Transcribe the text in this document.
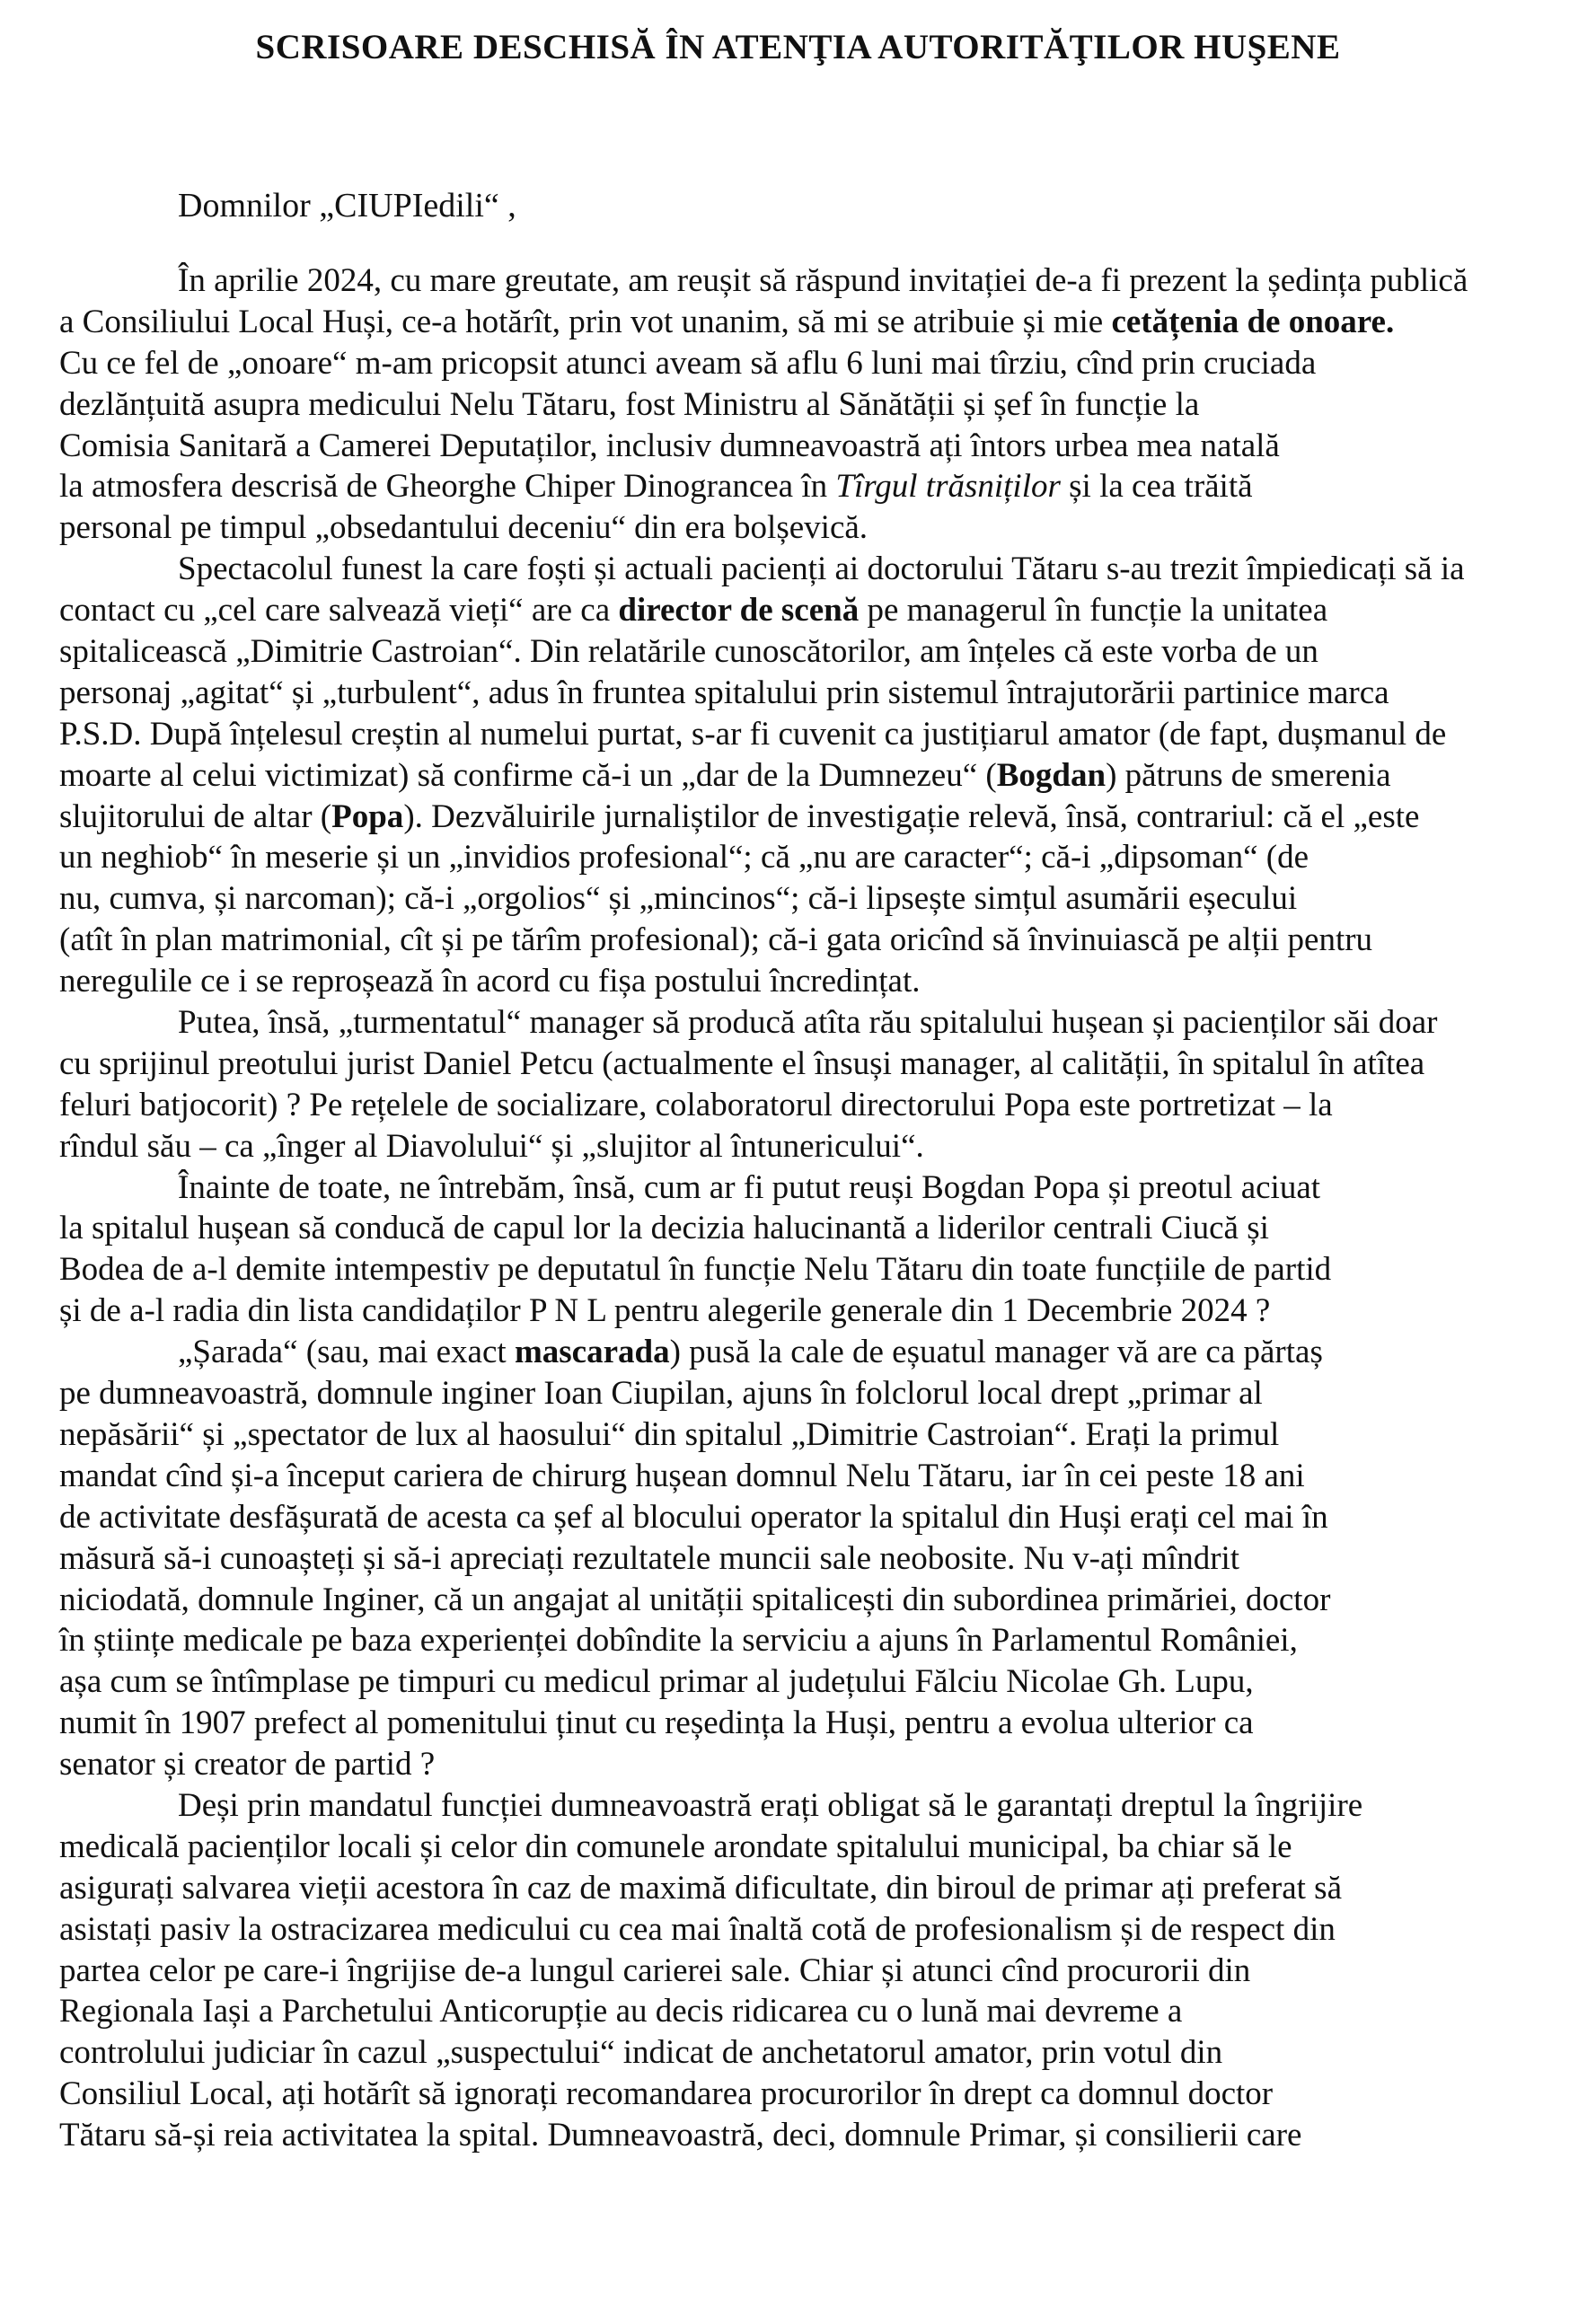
SCRISOARE DESCHISĂ ÎN ATENŢIA AUTORITĂŢILOR HUŞENE
Domnilor „CIUPIedili“ ,
În aprilie 2024, cu mare greutate, am reușit să răspund invitației de-a fi prezent la ședința publică
a Consiliului Local Huși, ce-a hotărît, prin vot unanim, să mi se atribuie și mie cetățenia de onoare.
Cu ce fel de „onoare“ m-am pricopsit atunci aveam să aflu 6 luni mai tîrziu, cînd prin cruciada
dezlănțuită asupra medicului Nelu Tătaru, fost Ministru al Sănătății și șef în funcție la
Comisia Sanitară a Camerei Deputaților, inclusiv dumneavoastră ați întors urbea mea natală
la atmosfera descrisă de Gheorghe Chiper Dinograncea în Tîrgul trăsniților și la cea trăită
personal pe timpul „obsedantului deceniu“ din era bolșevică.
Spectacolul funest la care foști și actuali pacienți ai doctorului Tătaru s-au trezit împiedicați să ia
contact cu „cel care salvează vieți“ are ca director de scenă pe managerul în funcție la unitatea
spitalicească „Dimitrie Castroian“. Din relatările cunoscătorilor, am înțeles că este vorba de un
personaj „agitat“ și „turbulent“, adus în fruntea spitalului prin sistemul întrajutorării partinice marca
P.S.D. După înțelesul creștin al numelui purtat, s-ar fi cuvenit ca justițiarul amator (de fapt, dușmanul de
moarte al celui victimizat) să confirme că-i un „dar de la Dumnezeu“ (Bogdan) pătruns de smerenia
slujitorului de altar (Popa). Dezvăluirile jurnaliștilor de investigație relevă, însă, contrariul: că el „este
un neghiob“ în meserie și un „invidios profesional“; că „nu are caracter“; că-i „dipsoman“ (de
nu, cumva, și narcoman); că-i „orgolios“ și „mincinos“; că-i lipsește simțul asumării eșecului
(atît în plan matrimonial, cît și pe tărîm profesional); că-i gata oricînd să învinuiască pe alții pentru
neregulile ce i se reproșează în acord cu fișa postului încredințat.
Putea, însă, „turmentatul“ manager să producă atîta rău spitalului hușean și pacienților săi doar
cu sprijinul preotului jurist Daniel Petcu (actualmente el însuși manager, al calității, în spitalul în atîtea
feluri batjocorit) ? Pe rețelele de socializare, colaboratorul directorului Popa este portretizat – la
rîndul său – ca „înger al Diavolului“ și „slujitor al întunericului“.
Înainte de toate, ne întrebăm, însă, cum ar fi putut reuși Bogdan Popa și preotul aciuat
la spitalul hușean să conducă de capul lor la decizia halucinantă a liderilor centrali Ciucă și
Bodea de a-l demite intempestiv pe deputatul în funcție Nelu Tătaru din toate funcțiile de partid
și de a-l radia din lista candidaților P N L pentru alegerile generale din 1 Decembrie 2024 ?
„Șarada“ (sau, mai exact mascarada) pusă la cale de eșuatul manager vă are ca părtaș
pe dumneavoastră, domnule inginer Ioan Ciupilan, ajuns în folclorul local drept „primar al
nepăsării“ și „spectator de lux al haosului“ din spitalul „Dimitrie Castroian“. Erați la primul
mandat cînd și-a început cariera de chirurg hușean domnul Nelu Tătaru, iar în cei peste 18 ani
de activitate desfășurată de acesta ca șef al blocului operator la spitalul din Huși erați cel mai în
măsură să-i cunoașteți și să-i apreciați rezultatele muncii sale neobosite. Nu v-ați mîndrit
niciodată, domnule Inginer, că un angajat al unității spitalicești din subordinea primăriei, doctor
în științe medicale pe baza experienței dobîndite la serviciu a ajuns în Parlamentul României,
așa cum se întîmplase pe timpuri cu medicul primar al județului Fălciu Nicolae Gh. Lupu,
numit în 1907 prefect al pomenitului ținut cu reședința la Huși, pentru a evolua ulterior ca
senator și creator de partid ?
Deși prin mandatul funcției dumneavoastră erați obligat să le garantați dreptul la îngrijire
medicală pacienților locali și celor din comunele arondate spitalului municipal, ba chiar să le
asigurați salvarea vieții acestora în caz de maximă dificultate, din biroul de primar ați preferat să
asistați pasiv la ostracizarea medicului cu cea mai înaltă cotă de profesionalism și de respect din
partea celor pe care-i îngrijise de-a lungul carierei sale. Chiar și atunci cînd procurorii din
Regionala Iași a Parchetului Anticorupție au decis ridicarea cu o lună mai devreme a
controlului judiciar în cazul „suspectului“ indicat de anchetatorul amator, prin votul din
Consiliul Local, ați hotărît să ignorați recomandarea procurorilor în drept ca domnul doctor
Tătaru să-și reia activitatea la spital. Dumneavoastră, deci, domnule Primar, și consilierii care
